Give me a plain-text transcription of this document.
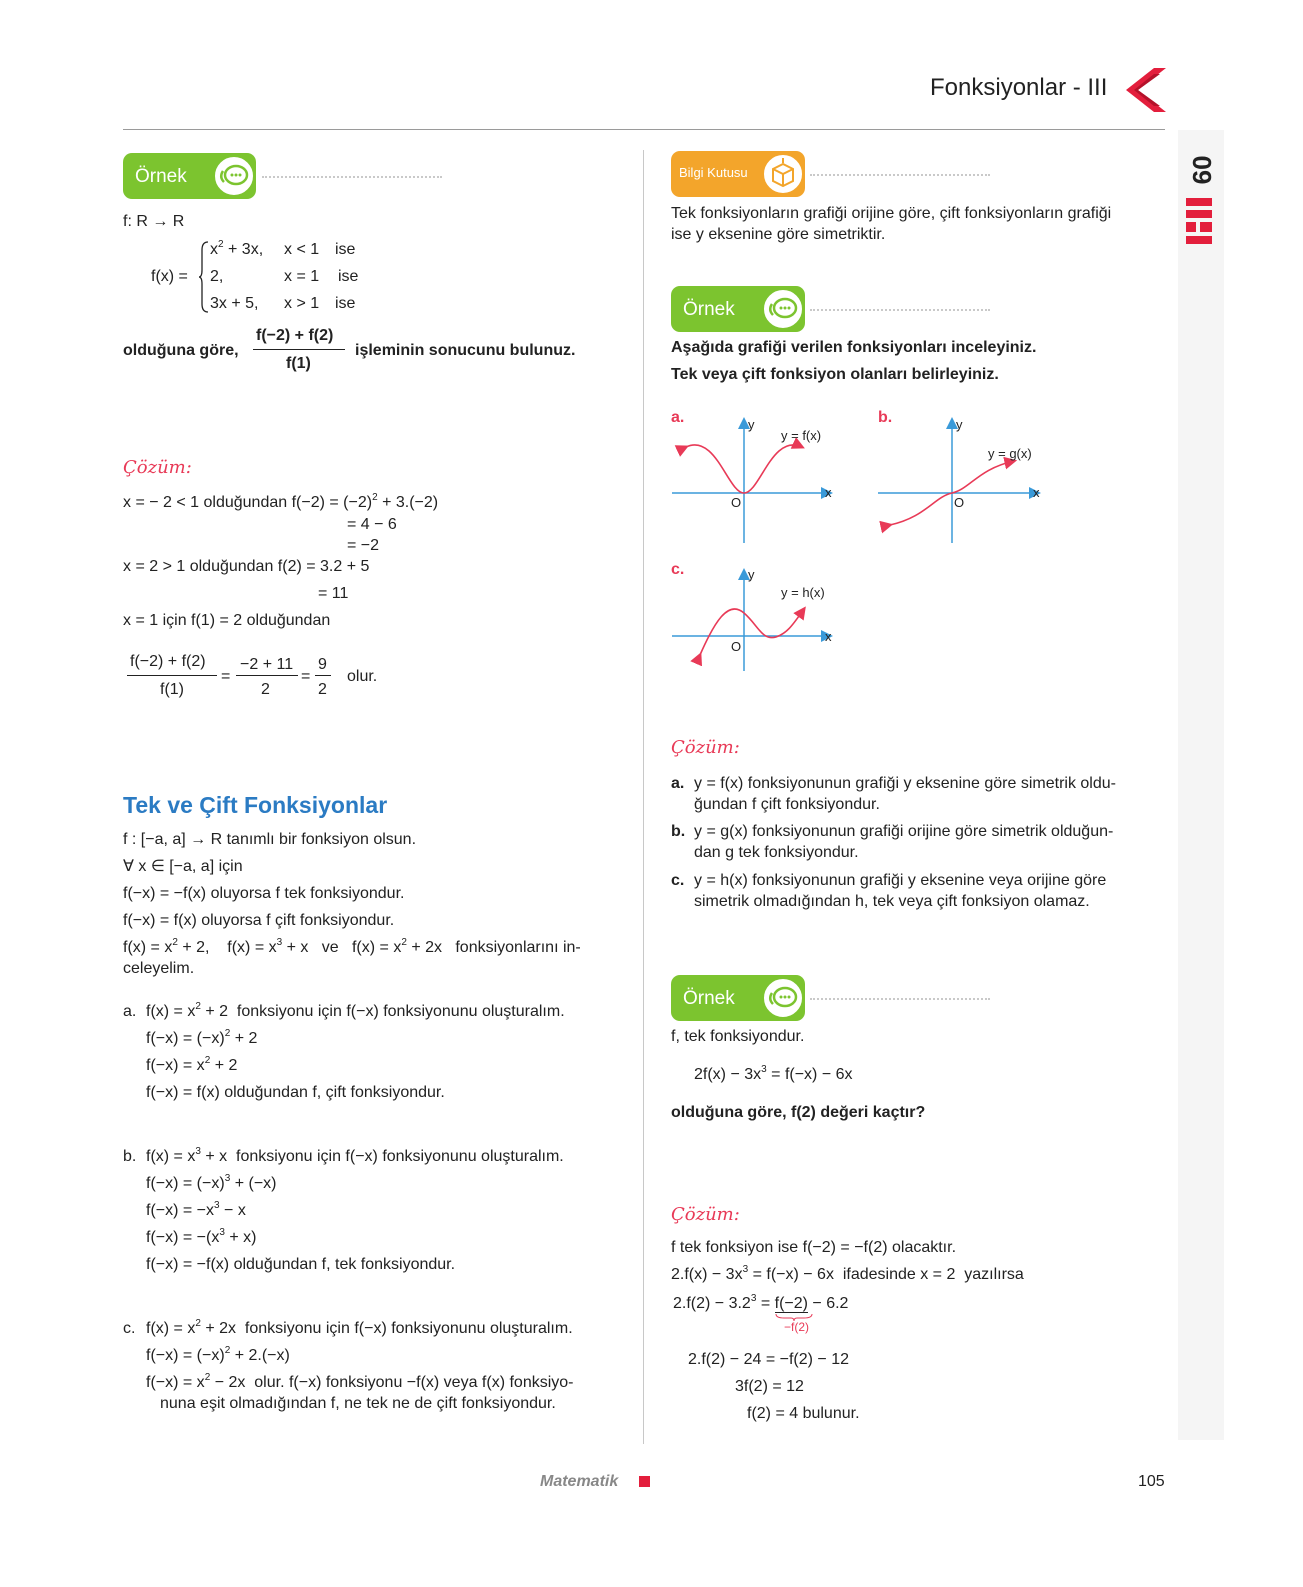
Fonksiyonlar - III
09
Örnek
f: R → R
f(x) =
$x^2 + 3x$, x < 1 ise
2,	x = 1 ise
3x + 5, x > 1 ise
olduğuna göre,
f(−2) + f(2)
f(1)
işleminin sonucunu bulunuz.
Çözüm:
x = − 2 < 1 olduğundan $f(-2) = (-2)^2 + 3.(-2)$
= 4 − 6
= −2
x = 2 > 1 olduğundan f(2) = 3.2 + 5
= 11
x = 1 için f(1) = 2 olduğundan
f(−2) + f(2)
f(1)
=
−2 + 11
2
=
9
2
olur.
Tek ve Çift Fonksiyonlar
f : [−a, a] → R tanımlı bir fonksiyon olsun.
∀ x ∈ [−a, a] için
f(−x) = −f(x) oluyorsa f tek fonksiyondur.
f(−x) = f(x) oluyorsa f çift fonksiyondur.
$f(x) = x^2 + 2$,    $f(x) = x^3 + x$   ve   $f(x) = x^2 + 2x$   fonksiyonlarını in-
celeyelim.
a. $f(x) = x^2 + 2$  fonksiyonu için f(−x) fonksiyonunu oluşturalım.
$f(-x) = (-x)^2 + 2$
$f(-x) = x^2 + 2$
f(−x) = f(x) olduğundan f, çift fonksiyondur.
b. $f(x) = x^3 + x$  fonksiyonu için f(−x) fonksiyonunu oluşturalım.
$f(-x) = (-x)^3 + (-x)$
$f(-x) = -x^3 - x$
$f(-x) = -(x^3 + x)$
f(−x) = −f(x) olduğundan f, tek fonksiyondur.
c. $f(x) = x^2 + 2x$  fonksiyonu için f(−x) fonksiyonunu oluşturalım.
$f(-x) = (-x)^2 + 2.(-x)$
$f(-x) = x^2 - 2x$  olur. f(−x) fonksiyonu −f(x) veya f(x) fonksiyo-
nuna eşit olmadığından f, ne tek ne de çift fonksiyondur.
Bilgi Kutusu
Tek fonksiyonların grafiği orijine göre, çift fonksiyonların grafiği
ise y eksenine göre simetriktir.
Örnek
Aşağıda grafiği verilen fonksiyonları inceleyiniz.
Tek veya çift fonksiyon olanları belirleyiniz.
a.	y
x
O
y = f(x)
b.	y
x
O
y = g(x)
c.	y
x
O
y = h(x)
Çözüm:
a. y = f(x) fonksiyonunun grafiği y eksenine göre simetrik oldu-
ğundan f çift fonksiyondur.
b. y = g(x) fonksiyonunun grafiği orijine göre simetrik olduğun-
dan g tek fonksiyondur.
c. y = h(x) fonksiyonunun grafiği y eksenine veya orijine göre
simetrik olmadığından h, tek veya çift fonksiyon olamaz.
Örnek
f, tek fonksiyondur.
$2f(x) - 3x^3 = f(-x) - 6x$
olduğuna göre, f(2) değeri kaçtır?
Çözüm:
f tek fonksiyon ise f(−2) = −f(2) olacaktır.
$2.f(x) - 3x^3 = f(-x) - 6x$  ifadesinde x = 2  yazılırsa
$2.f(2) - 3.2^3 = f(-2) - 6.2$
−f(2)
2.f(2) − 24 = −f(2) − 12
3f(2) = 12
f(2) = 4 bulunur.
Matematik	105
